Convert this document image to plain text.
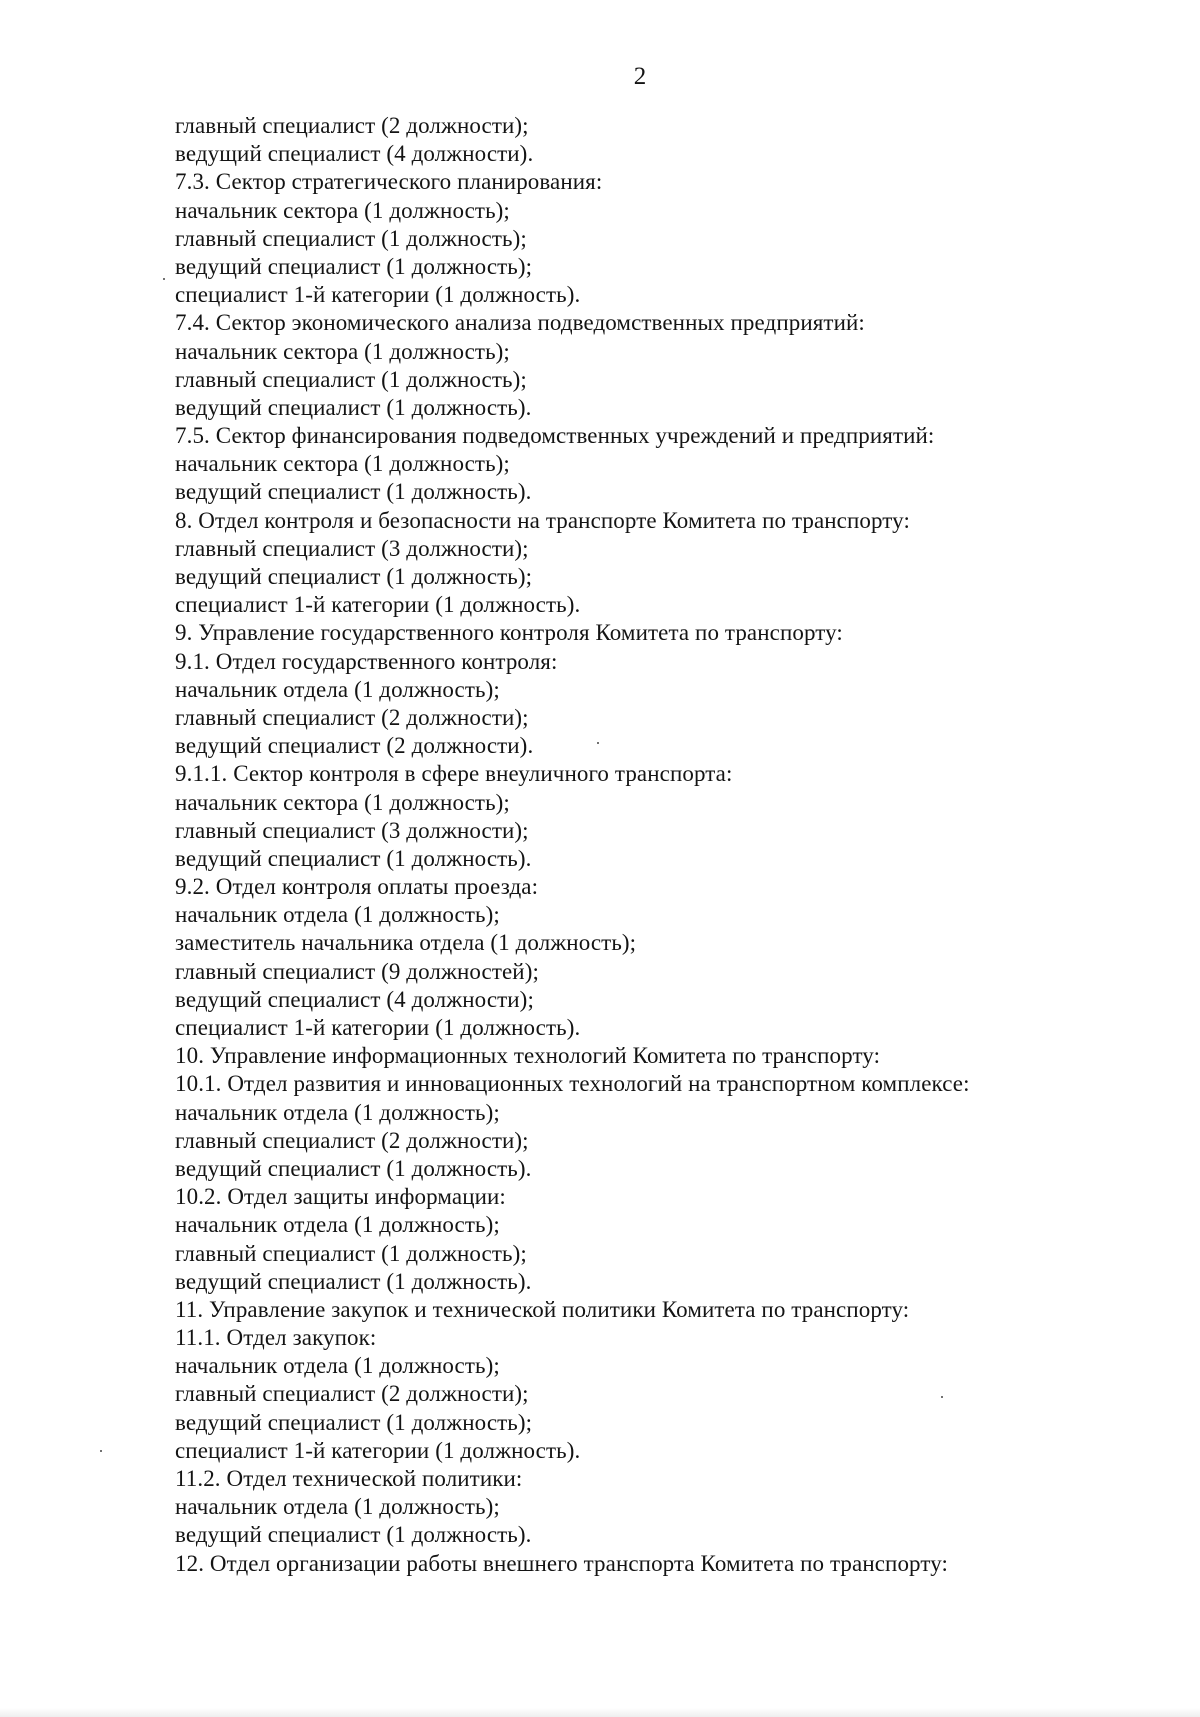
2
главный специалист (2 должности);
ведущий специалист (4 должности).
7.3. Сектор стратегического планирования:
начальник сектора (1 должность);
главный специалист (1 должность);
ведущий специалист (1 должность);
специалист 1-й категории (1 должность).
7.4. Сектор экономического анализа подведомственных предприятий:
начальник сектора (1 должность);
главный специалист (1 должность);
ведущий специалист (1 должность).
7.5. Сектор финансирования подведомственных учреждений и предприятий:
начальник сектора (1 должность);
ведущий специалист (1 должность).
8. Отдел контроля и безопасности на транспорте Комитета по транспорту:
главный специалист (3 должности);
ведущий специалист (1 должность);
специалист 1-й категории (1 должность).
9. Управление государственного контроля Комитета по транспорту:
9.1. Отдел государственного контроля:
начальник отдела (1 должность);
главный специалист (2 должности);
ведущий специалист (2 должности).
9.1.1. Сектор контроля в сфере внеуличного транспорта:
начальник сектора (1 должность);
главный специалист (3 должности);
ведущий специалист (1 должность).
9.2. Отдел контроля оплаты проезда:
начальник отдела (1 должность);
заместитель начальника отдела (1 должность);
главный специалист (9 должностей);
ведущий специалист (4 должности);
специалист 1-й категории (1 должность).
10. Управление информационных технологий Комитета по транспорту:
10.1. Отдел развития и инновационных технологий на транспортном комплексе:
начальник отдела (1 должность);
главный специалист (2 должности);
ведущий специалист (1 должность).
10.2. Отдел защиты информации:
начальник отдела (1 должность);
главный специалист (1 должность);
ведущий специалист (1 должность).
11. Управление закупок и технической политики Комитета по транспорту:
11.1. Отдел закупок:
начальник отдела (1 должность);
главный специалист (2 должности);
ведущий специалист (1 должность);
специалист 1-й категории (1 должность).
11.2. Отдел технической политики:
начальник отдела (1 должность);
ведущий специалист (1 должность).
12. Отдел организации работы внешнего транспорта Комитета по транспорту:
